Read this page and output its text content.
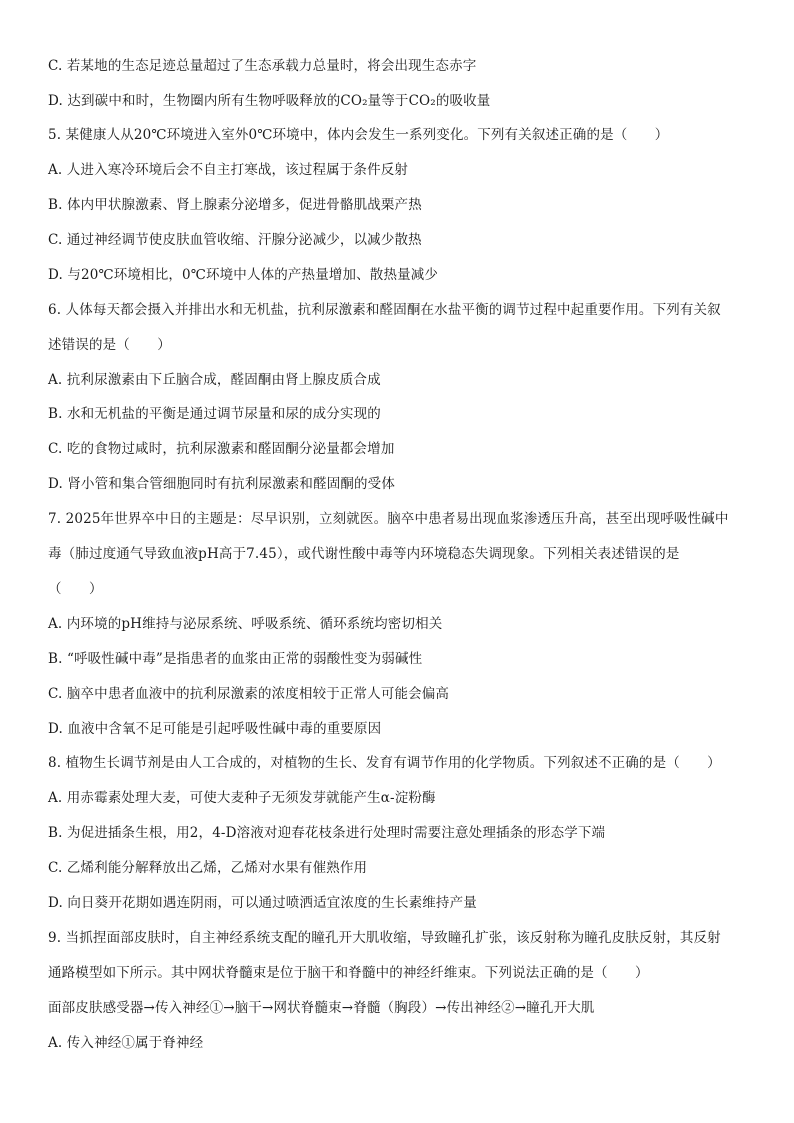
C. 若某地的生态足迹总量超过了生态承载力总量时，将会出现生态赤字
D. 达到碳中和时，生物圈内所有生物呼吸释放的CO₂量等于CO₂的吸收量
5. 某健康人从20℃环境进入室外0℃环境中，体内会发生一系列变化。下列有关叙述正确的是（　　）
A. 人进入寒冷环境后会不自主打寒战，该过程属于条件反射
B. 体内甲状腺激素、肾上腺素分泌增多，促进骨骼肌战栗产热
C. 通过神经调节使皮肤血管收缩、汗腺分泌减少，以减少散热
D. 与20℃环境相比，0℃环境中人体的产热量增加、散热量减少
6. 人体每天都会摄入并排出水和无机盐，抗利尿激素和醛固酮在水盐平衡的调节过程中起重要作用。下列有关叙
述错误的是（　　）
A. 抗利尿激素由下丘脑合成，醛固酮由肾上腺皮质合成
B. 水和无机盐的平衡是通过调节尿量和尿的成分实现的
C. 吃的食物过咸时，抗利尿激素和醛固酮分泌量都会增加
D. 肾小管和集合管细胞同时有抗利尿激素和醛固酮的受体
7. 2025年世界卒中日的主题是：尽早识别，立刻就医。脑卒中患者易出现血浆渗透压升高，甚至出现呼吸性碱中
毒（肺过度通气导致血液pH高于7.45），或代谢性酸中毒等内环境稳态失调现象。下列相关表述错误的是
（　　）
A. 内环境的pH维持与泌尿系统、呼吸系统、循环系统均密切相关
B. “呼吸性碱中毒”是指患者的血浆由正常的弱酸性变为弱碱性
C. 脑卒中患者血液中的抗利尿激素的浓度相较于正常人可能会偏高
D. 血液中含氧不足可能是引起呼吸性碱中毒的重要原因
8. 植物生长调节剂是由人工合成的，对植物的生长、发育有调节作用的化学物质。下列叙述不正确的是（　　）
A. 用赤霉素处理大麦，可使大麦种子无须发芽就能产生α-淀粉酶
B. 为促进插条生根，用2，4-D溶液对迎春花枝条进行处理时需要注意处理插条的形态学下端
C. 乙烯利能分解释放出乙烯，乙烯对水果有催熟作用
D. 向日葵开花期如遇连阴雨，可以通过喷洒适宜浓度的生长素维持产量
9. 当抓捏面部皮肤时，自主神经系统支配的瞳孔开大肌收缩，导致瞳孔扩张，该反射称为瞳孔皮肤反射，其反射
通路模型如下所示。其中网状脊髓束是位于脑干和脊髓中的神经纤维束。下列说法正确的是（　　）
面部皮肤感受器→传入神经①→脑干→网状脊髓束→脊髓（胸段）→传出神经②→瞳孔开大肌
A. 传入神经①属于脊神经
